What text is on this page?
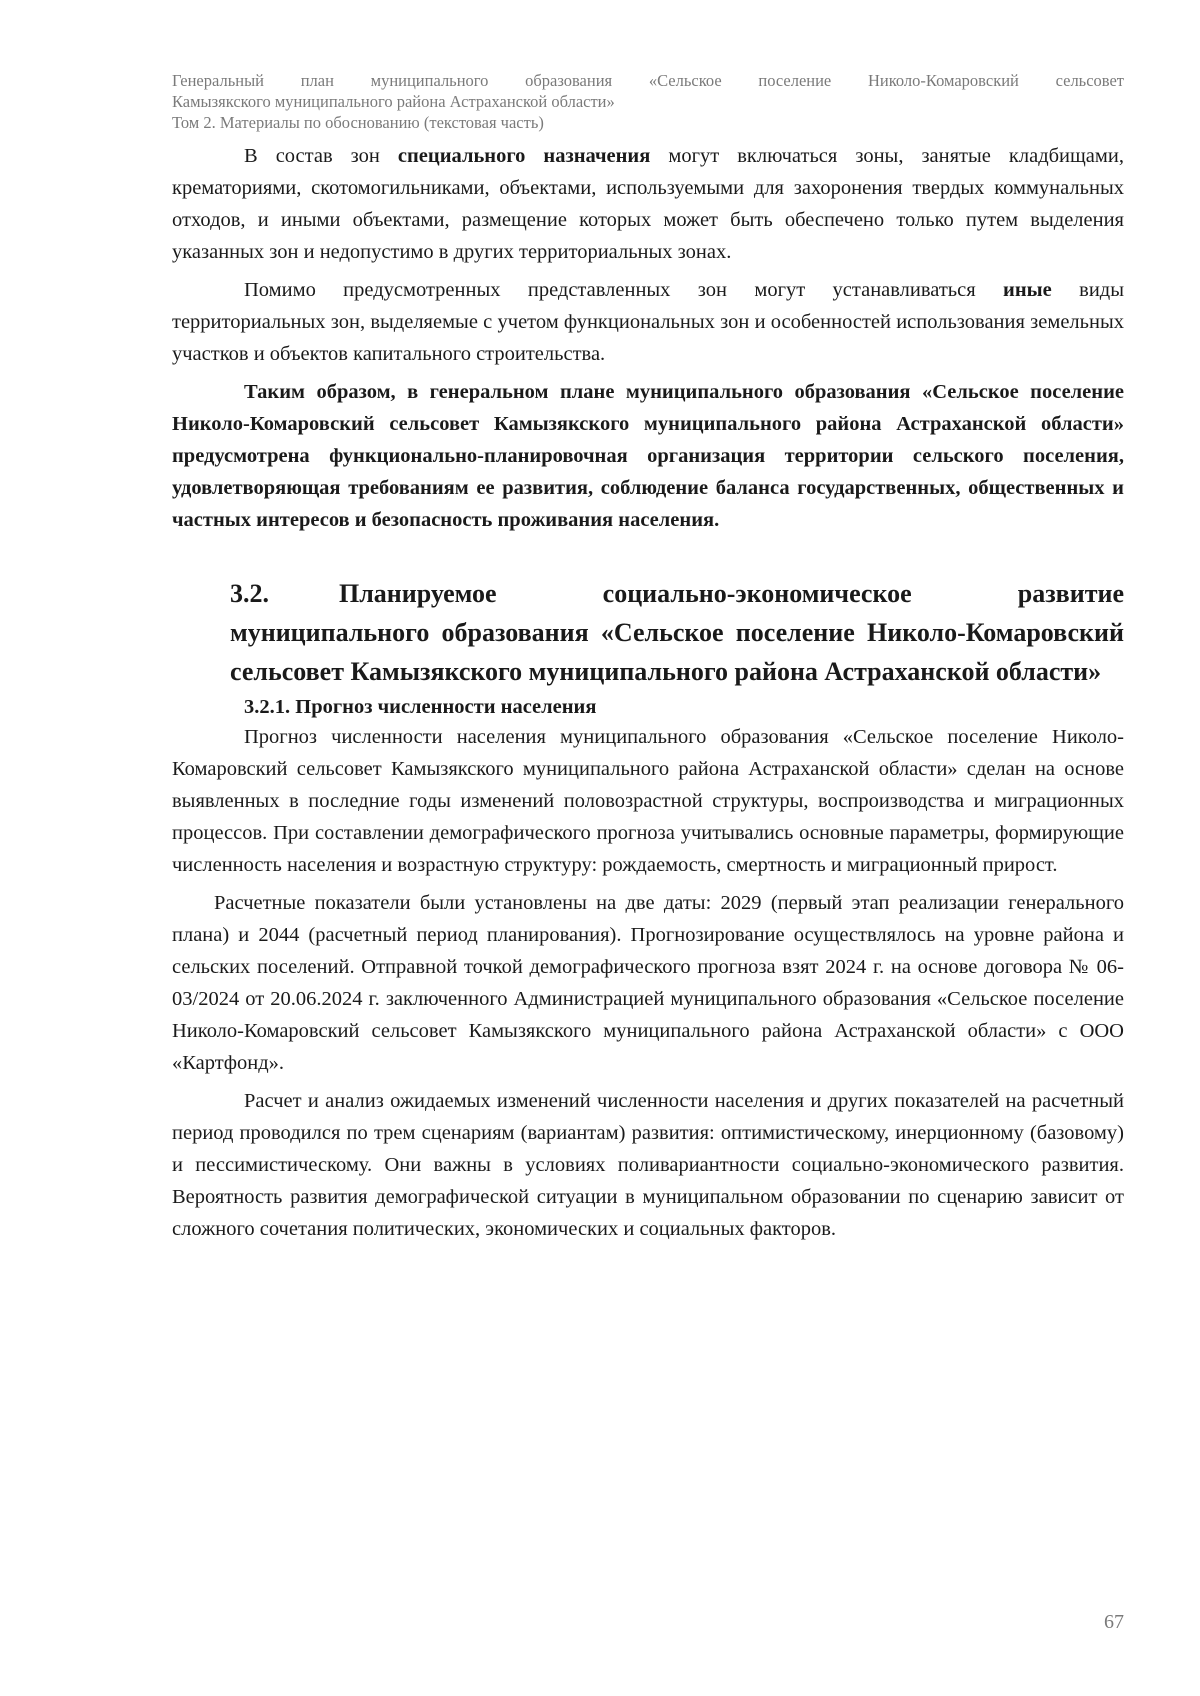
Генеральный план муниципального образования «Сельское поселение Николо-Комаровский сельсовет
Камызякского муниципального района Астраханской области»
Том 2. Материалы по обоснованию (текстовая часть)

В состав зон специального назначения могут включаться зоны, занятые кладбищами, крематориями, скотомогильниками, объектами, используемыми для захоронения твердых коммунальных отходов, и иными объектами, размещение которых может быть обеспечено только путем выделения указанных зон и недопустимо в других территориальных зонах.

Помимо предусмотренных представленных зон могут устанавливаться иные виды территориальных зон, выделяемые с учетом функциональных зон и особенностей использования земельных участков и объектов капитального строительства.

Таким образом, в генеральном плане муниципального образования «Сельское поселение Николо-Комаровский сельсовет Камызякского муниципального района Астраханской области» предусмотрена функционально-планировочная организация территории сельского поселения, удовлетворяющая требованиям ее развития, соблюдение баланса государственных, общественных и частных интересов и безопасность проживания населения.

3.2.	Планируемое социально-экономическое развитие муниципального образования «Сельское поселение Николо-Комаровский сельсовет Камызякского муниципального района Астраханской области»
3.2.1. Прогноз численности населения

Прогноз численности населения муниципального образования «Сельское поселение Николо-Комаровский сельсовет Камызякского муниципального района Астраханской области» сделан на основе выявленных в последние годы изменений половозрастной структуры, воспроизводства и миграционных процессов. При составлении демографического прогноза учитывались основные параметры, формирующие численность населения и возрастную структуру: рождаемость, смертность и миграционный прирост.

Расчетные показатели были установлены на две даты: 2029 (первый этап реализации генерального плана) и 2044 (расчетный период планирования). Прогнозирование осуществлялось на уровне района и сельских поселений. Отправной точкой демографического прогноза взят 2024 г. на основе договора № 06-03/2024 от 20.06.2024 г. заключенного Администрацией муниципального образования «Сельское поселение Николо-Комаровский сельсовет Камызякского муниципального района Астраханской области» с ООО «Картфонд».

Расчет и анализ ожидаемых изменений численности населения и других показателей на расчетный период проводился по трем сценариям (вариантам) развития: оптимистическому, инерционному (базовому) и пессимистическому. Они важны в условиях поливариантности социально-экономического развития. Вероятность развития демографической ситуации в муниципальном образовании по сценарию зависит от сложного сочетания политических, экономических и социальных факторов.

67
